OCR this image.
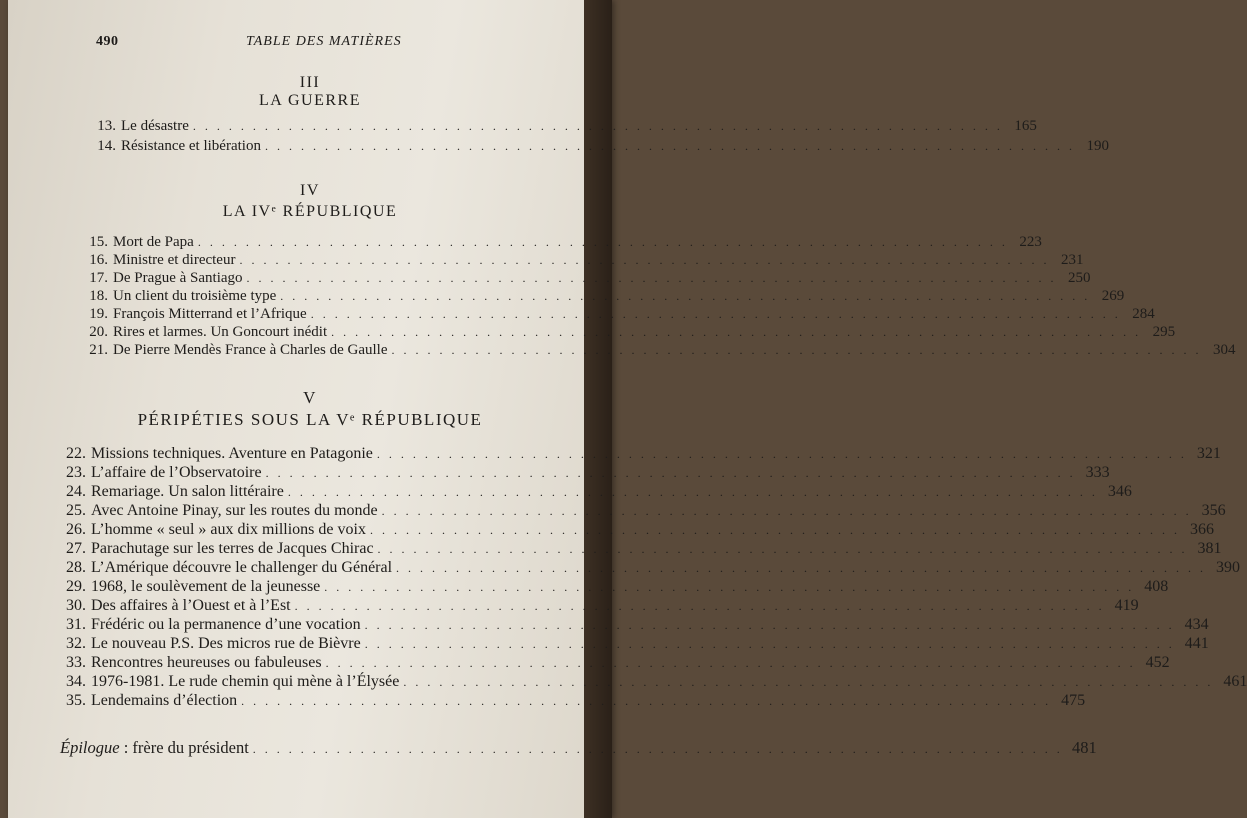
490	TABLE DES MATIÈRES
III
LA GUERRE
13. Le désastre . . . . . . . . . . . . . . . . . . . . . . . . . . . . . . . . . . . . . . . . . . . . . . . . . . . . . . . . . . . . . . . . . . . . 165
14. Résistance et libération . . . . . . . . . . . . . . . . . . . . . . . . . . . . . . . . . . . . . . . . . . . . . . . . . . . . . . . . . . . . . . . . . . . . 190
IV
LA IVᵉ RÉPUBLIQUE
15. Mort de Papa . . . . . . . . . . . . . . . . . . . . . . . . . . . . . . . . . . . . . . . . . . . . . . . . . . . . . . . . . . . . . . . . . . . . 223
16. Ministre et directeur . . . . . . . . . . . . . . . . . . . . . . . . . . . . . . . . . . . . . . . . . . . . . . . . . . . . . . . . . . . . . . . . . . . . 231
17. De Prague à Santiago . . . . . . . . . . . . . . . . . . . . . . . . . . . . . . . . . . . . . . . . . . . . . . . . . . . . . . . . . . . . . . . . . . . . 250
18. Un client du troisième type . . . . . . . . . . . . . . . . . . . . . . . . . . . . . . . . . . . . . . . . . . . . . . . . . . . . . . . . . . . . . . . . . . . . 269
19. François Mitterrand et l’Afrique . . . . . . . . . . . . . . . . . . . . . . . . . . . . . . . . . . . . . . . . . . . . . . . . . . . . . . . . . . . . . . . . . . . . 284
20. Rires et larmes. Un Goncourt inédit . . . . . . . . . . . . . . . . . . . . . . . . . . . . . . . . . . . . . . . . . . . . . . . . . . . . . . . . . . . . . . . . . . . . 295
21. De Pierre Mendès France à Charles de Gaulle . . . . . . . . . . . . . . . . . . . . . . . . . . . . . . . . . . . . . . . . . . . . . . . . . . . . . . . . . . . . . . . . . . . . 304
V
PÉRIPÉTIES SOUS LA Vᵉ RÉPUBLIQUE
22. Missions techniques. Aventure en Patagonie . . . . . . . . . . . . . . . . . . . . . . . . . . . . . . . . . . . . . . . . . . . . . . . . . . . . . . . . . . . . . . . . . . . . 321
23. L’affaire de l’Observatoire . . . . . . . . . . . . . . . . . . . . . . . . . . . . . . . . . . . . . . . . . . . . . . . . . . . . . . . . . . . . . . . . . . . . 333
24. Remariage. Un salon littéraire . . . . . . . . . . . . . . . . . . . . . . . . . . . . . . . . . . . . . . . . . . . . . . . . . . . . . . . . . . . . . . . . . . . . 346
25. Avec Antoine Pinay, sur les routes du monde . . . . . . . . . . . . . . . . . . . . . . . . . . . . . . . . . . . . . . . . . . . . . . . . . . . . . . . . . . . . . . . . . . . . 356
26. L’homme « seul » aux dix millions de voix . . . . . . . . . . . . . . . . . . . . . . . . . . . . . . . . . . . . . . . . . . . . . . . . . . . . . . . . . . . . . . . . . . . . 366
27. Parachutage sur les terres de Jacques Chirac . . . . . . . . . . . . . . . . . . . . . . . . . . . . . . . . . . . . . . . . . . . . . . . . . . . . . . . . . . . . . . . . . . . . 381
28. L’Amérique découvre le challenger du Général . . . . . . . . . . . . . . . . . . . . . . . . . . . . . . . . . . . . . . . . . . . . . . . . . . . . . . . . . . . . . . . . . . . . 390
29. 1968, le soulèvement de la jeunesse . . . . . . . . . . . . . . . . . . . . . . . . . . . . . . . . . . . . . . . . . . . . . . . . . . . . . . . . . . . . . . . . . . . . 408
30. Des affaires à l’Ouest et à l’Est . . . . . . . . . . . . . . . . . . . . . . . . . . . . . . . . . . . . . . . . . . . . . . . . . . . . . . . . . . . . . . . . . . . . 419
31. Frédéric ou la permanence d’une vocation . . . . . . . . . . . . . . . . . . . . . . . . . . . . . . . . . . . . . . . . . . . . . . . . . . . . . . . . . . . . . . . . . . . . 434
32. Le nouveau P.S. Des micros rue de Bièvre . . . . . . . . . . . . . . . . . . . . . . . . . . . . . . . . . . . . . . . . . . . . . . . . . . . . . . . . . . . . . . . . . . . . 441
33. Rencontres heureuses ou fabuleuses . . . . . . . . . . . . . . . . . . . . . . . . . . . . . . . . . . . . . . . . . . . . . . . . . . . . . . . . . . . . . . . . . . . . 452
34. 1976-1981. Le rude chemin qui mène à l’Élysée . . . . . . . . . . . . . . . . . . . . . . . . . . . . . . . . . . . . . . . . . . . . . . . . . . . . . . . . . . . . . . . . . . . . 461
35. Lendemains d’élection . . . . . . . . . . . . . . . . . . . . . . . . . . . . . . . . . . . . . . . . . . . . . . . . . . . . . . . . . . . . . . . . . . . . 475
Épilogue : frère du président . . . . . . . . . . . . . . . . . . . . . . . . . . . . . . . . . . . . . . . . . . . . . . . . . . . . . . . . . . . . . . . . . . . . 481
